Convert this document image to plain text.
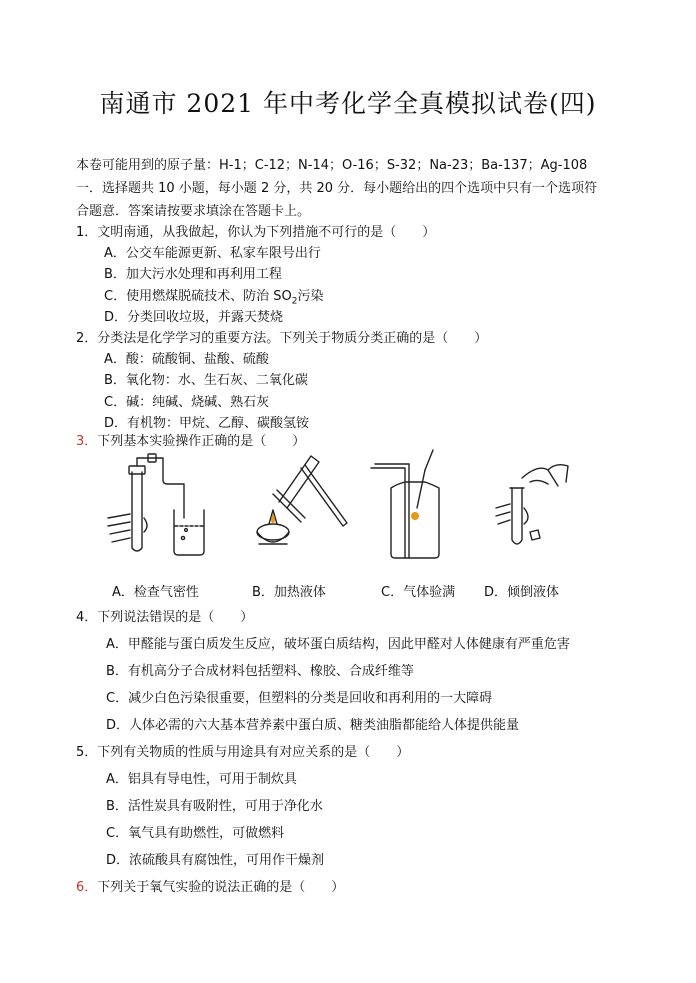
南通市 2021 年中考化学全真模拟试卷(四)
本卷可能用到的原子量：H-1；C-12；N-14；O-16；S-32；Na-23；Ba-137；Ag-108
一．选择题共 10 小题，每小题 2 分，共 20 分．每小题给出的四个选项中只有一个选项符
合题意．答案请按要求填涂在答题卡上。
1．文明南通，从我做起，你认为下列措施不可行的是（　　）
A．公交车能源更新、私家车限号出行
B．加大污水处理和再利用工程
C．使用燃煤脱硫技术、防治 $SO_2$污染
D．分类回收垃圾，并露天焚烧
2．分类法是化学学习的重要方法。下列关于物质分类正确的是（　　）
A．酸：硫酸铜、盐酸、硫酸
B．氧化物：水、生石灰、二氧化碳
C．碱：纯碱、烧碱、熟石灰
D．有机物：甲烷、乙醇、碳酸氢铵
3．下列基本实验操作正确的是（　　）
A．检查气密性	B．加热液体	C．气体验满 D．倾倒液体
4．下列说法错误的是（　　）
A．甲醛能与蛋白质发生反应，破坏蛋白质结构，因此甲醛对人体健康有严重危害
B．有机高分子合成材料包括塑料、橡胶、合成纤维等
C．减少白色污染很重要，但塑料的分类是回收和再利用的一大障碍
D．人体必需的六大基本营养素中蛋白质、糖类油脂都能给人体提供能量
5．下列有关物质的性质与用途具有对应关系的是（　　）
A．铝具有导电性，可用于制炊具
B．活性炭具有吸附性，可用于净化水
C．氧气具有助燃性，可做燃料
D．浓硫酸具有腐蚀性，可用作干燥剂
6．下列关于氧气实验的说法正确的是（　　）
